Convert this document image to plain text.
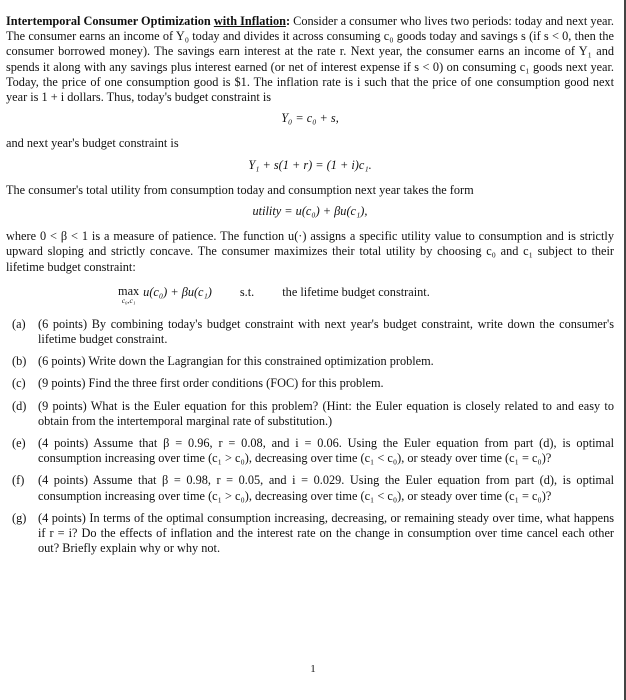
Intertemporal Consumer Optimization with Inflation: Consider a consumer who lives two periods: today and next year. The consumer earns an income of Y₀ today and divides it across consuming c₀ goods today and savings s (if s < 0, then the consumer borrowed money). The savings earn interest at the rate r. Next year, the consumer earns an income of Y₁ and spends it along with any savings plus interest earned (or net of interest expense if s < 0) on consuming c₁ goods next year. Today, the price of one consumption good is $1. The inflation rate is i such that the price of one consumption good next year is 1 + i dollars. Thus, today's budget constraint is

Y₀ = c₀ + s,

and next year's budget constraint is

Y₁ + s(1 + r) = (1 + i)c₁.

The consumer's total utility from consumption today and consumption next year takes the form

utility = u(c₀) + βu(c₁),

where 0 < β < 1 is a measure of patience. The function u(·) assigns a specific utility value to consumption and is strictly upward sloping and strictly concave. The consumer maximizes their total utility by choosing c₀ and c₁ subject to their lifetime budget constraint:

max
c₀,c₁
u(c₀) + βu(c₁) s.t. the lifetime budget constraint.
(a)	(6 points) By combining today's budget constraint with next year's budget constraint, write down the consumer's lifetime budget constraint.
(b) (6 points) Write down the Lagrangian for this constrained optimization problem.
(c)	(9 points) Find the three first order conditions (FOC) for this problem.
(d) (9 points) What is the Euler equation for this problem? (Hint: the Euler equation is closely related to and easy to obtain from the intertemporal marginal rate of substitution.)
(e)	(4 points) Assume that β = 0.96, r = 0.08, and i = 0.06. Using the Euler equation from part (d), is optimal consumption increasing over time (c₁ > c₀), decreasing over time (c₁ < c₀), or steady over time (c₁ = c₀)?
(f)	(4 points) Assume that β = 0.98, r = 0.05, and i = 0.029. Using the Euler equation from part (d), is optimal consumption increasing over time (c₁ > c₀), decreasing over time (c₁ < c₀), or steady over time (c₁ = c₀)?
(g) (4 points) In terms of the optimal consumption increasing, decreasing, or remaining steady over time, what happens if r = i? Do the effects of inflation and the interest rate on the change in consumption over time cancel each other out? Briefly explain why or why not.
1
